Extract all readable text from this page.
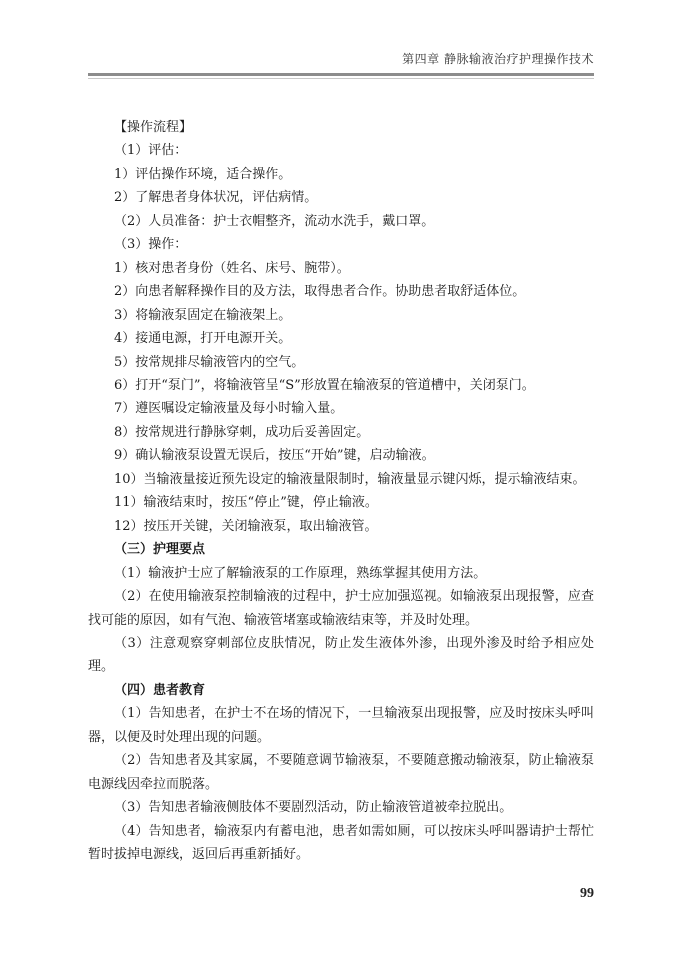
第四章 静脉输液治疗护理操作技术

【操作流程】

（1）评估：

1）评估操作环境，适合操作。

2）了解患者身体状况，评估病情。

（2）人员准备：护士衣帽整齐，流动水洗手，戴口罩。

（3）操作：

1）核对患者身份（姓名、床号、腕带）。

2）向患者解释操作目的及方法，取得患者合作。协助患者取舒适体位。

3）将输液泵固定在输液架上。

4）接通电源，打开电源开关。

5）按常规排尽输液管内的空气。

6）打开“泵门”，将输液管呈“S”形放置在输液泵的管道槽中，关闭泵门。

7）遵医嘱设定输液量及每小时输入量。

8）按常规进行静脉穿刺，成功后妥善固定。

9）确认输液泵设置无误后，按压“开始”键，启动输液。

10）当输液量接近预先设定的输液量限制时，输液量显示键闪烁，提示输液结束。

11）输液结束时，按压“停止”键，停止输液。

12）按压开关键，关闭输液泵，取出输液管。

（三）护理要点

（1）输液护士应了解输液泵的工作原理，熟练掌握其使用方法。

（2）在使用输液泵控制输液的过程中，护士应加强巡视。如输液泵出现报警，应查找可能的原因，如有气泡、输液管堵塞或输液结束等，并及时处理。

（3）注意观察穿刺部位皮肤情况，防止发生液体外渗，出现外渗及时给予相应处理。

（四）患者教育

（1）告知患者，在护士不在场的情况下，一旦输液泵出现报警，应及时按床头呼叫器，以便及时处理出现的问题。

（2）告知患者及其家属，不要随意调节输液泵，不要随意搬动输液泵，防止输液泵电源线因牵拉而脱落。

（3）告知患者输液侧肢体不要剧烈活动，防止输液管道被牵拉脱出。

（4）告知患者，输液泵内有蓄电池，患者如需如厕，可以按床头呼叫器请护士帮忙暂时拔掉电源线，返回后再重新插好。

99
